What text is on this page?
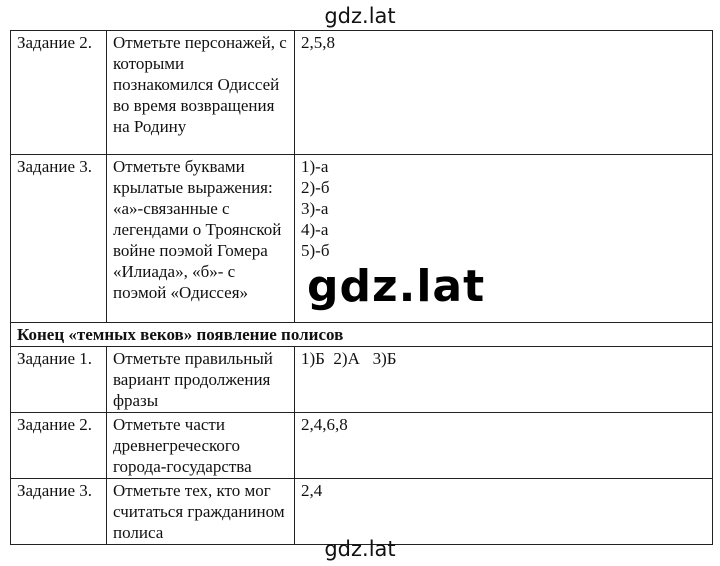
gdz.lat
Задание 2.	Отметьте персонажей, с которыми познакомился Одиссей во время возвращения на Родину	2,5,8

Задание 3.	Отметьте буквами крылатые выражения: «а»-связанные с легендами о Троянской войне поэмой Гомера «Илиада», «б»- с поэмой «Одиссея»	1)-а
2)-б
3)-а
4)-а
5)-б

Конец «темных веков» появление полисов		
Задание 1.	Отметьте правильный вариант продолжения фразы	1)Б  2)А   3)Б

Задание 2.	Отметьте части древнегреческого города-государства	2,4,6,8

Задание 3.	Отметьте тех, кто мог считаться гражданином полиса	2,4
gdz.lat
gdz.lat
